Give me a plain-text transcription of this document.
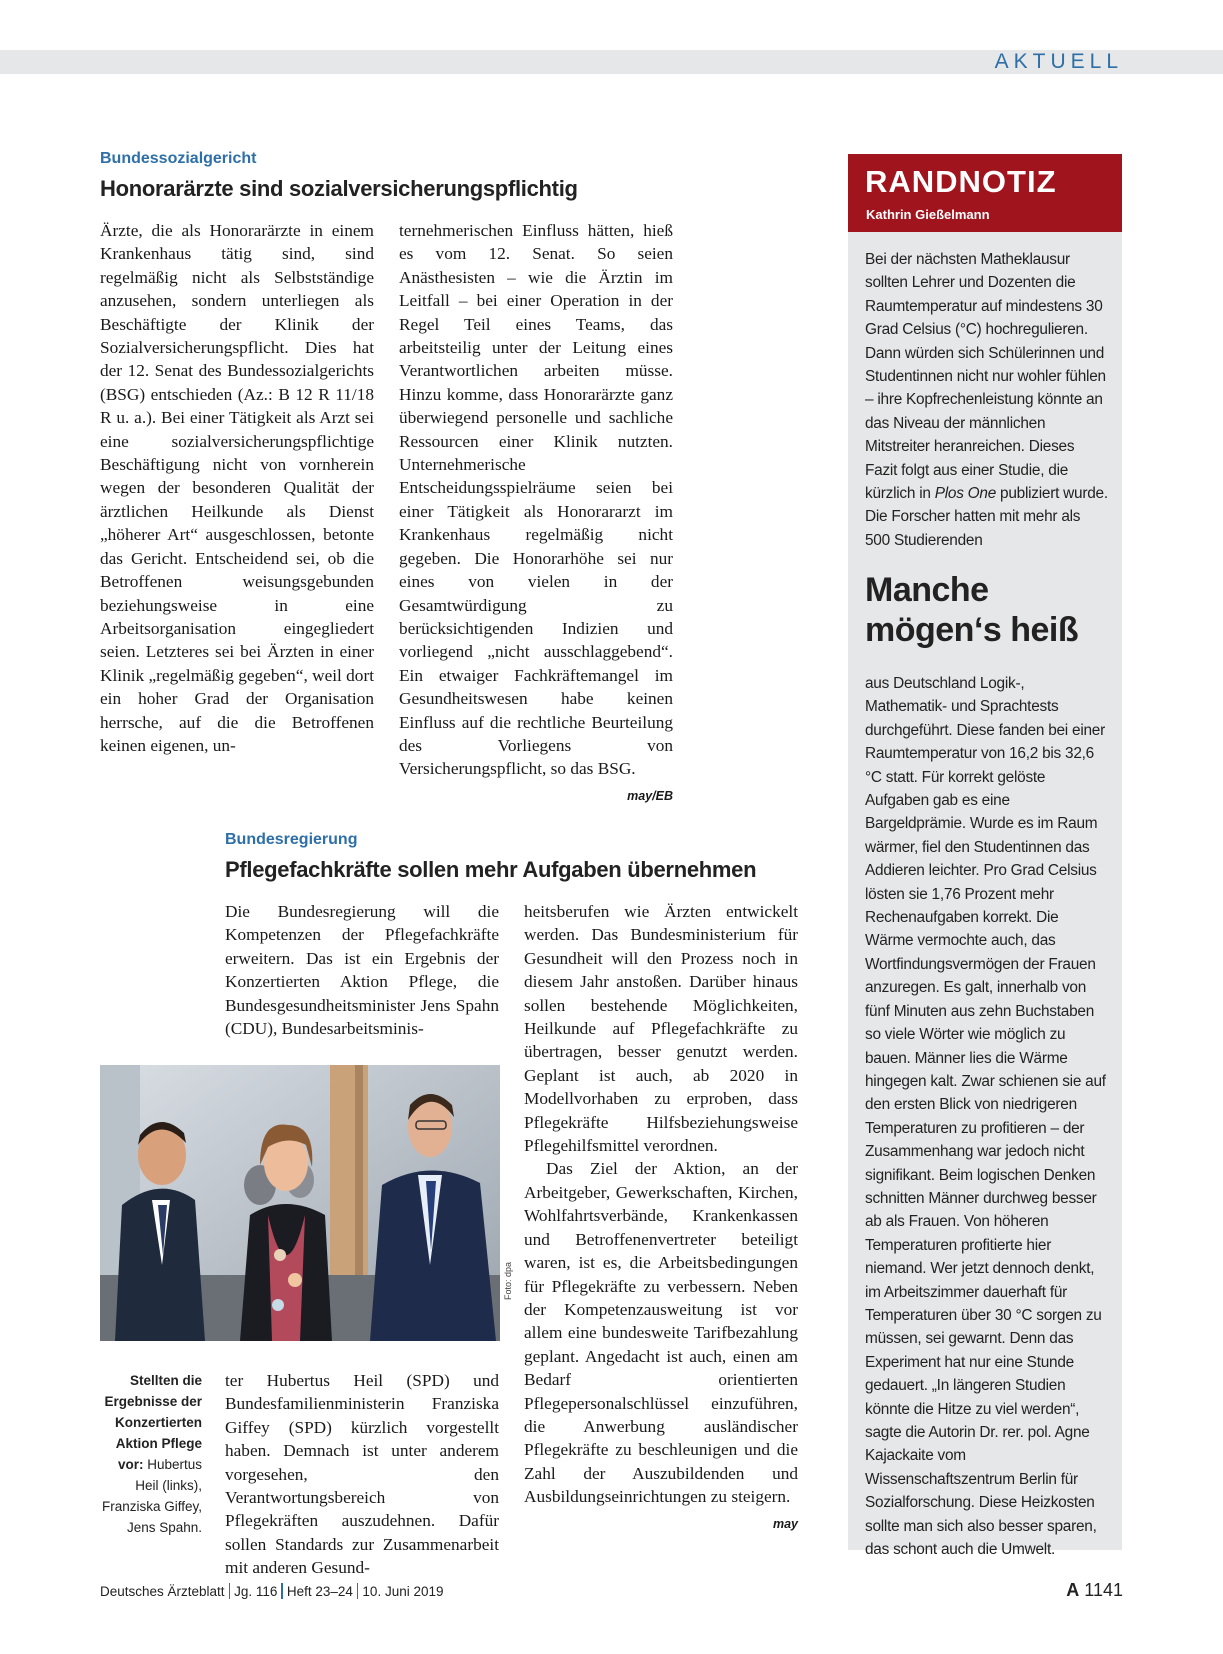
AKTUELL
Bundessozialgericht
Honorarärzte sind sozialversicherungspflichtig

Ärzte, die als Honorarärzte in einem Krankenhaus tätig sind, sind regelmäßig nicht als Selbstständige anzusehen, sondern unterliegen als Beschäftigte der Klinik der Sozialversicherungspflicht. Dies hat der 12. Senat des Bundessozialgerichts (BSG) entschieden (Az.: B 12 R 11/18 R u. a.). Bei einer Tätigkeit als Arzt sei eine sozialversicherungspflichtige Beschäftigung nicht von vornherein wegen der besonderen Qualität der ärztlichen Heilkunde als Dienst „höherer Art“ ausgeschlossen, betonte das Gericht. Entscheidend sei, ob die Betroffenen weisungsgebunden beziehungsweise in eine Arbeitsorganisation eingegliedert seien. Letzteres sei bei Ärzten in einer Klinik „regelmäßig gegeben“, weil dort ein hoher Grad der Organisation herrsche, auf die die Betroffenen keinen eigenen, un-

ternehmerischen Einfluss hätten, hieß es vom 12. Senat. So seien Anästhesisten – wie die Ärztin im Leitfall – bei einer Operation in der Regel Teil eines Teams, das arbeitsteilig unter der Leitung eines Verantwortlichen arbeiten müsse. Hinzu komme, dass Honorarärzte ganz überwiegend personelle und sachliche Ressourcen einer Klinik nutzten. Unternehmerische Entscheidungsspielräume seien bei einer Tätigkeit als Honorararzt im Krankenhaus regelmäßig nicht gegeben. Die Honorarhöhe sei nur eines von vielen in der Gesamtwürdigung zu berücksichtigenden Indizien und vorliegend „nicht ausschlaggebend“. Ein etwaiger Fachkräftemangel im Gesundheitswesen habe keinen Einfluss auf die rechtliche Beurteilung des Vorliegens von Versicherungspflicht, so das BSG.
may/EB

Bundesregierung
Pflegefachkräfte sollen mehr Aufgaben übernehmen

Die Bundesregierung will die Kompetenzen der Pflegefachkräfte erweitern. Das ist ein Ergebnis der Konzertierten Aktion Pflege, die Bundesgesundheitsminister Jens Spahn (CDU), Bundesarbeitsminis-

Foto: dpa
Stellten die Ergebnisse der Konzertierten Aktion Pflege vor: Hubertus Heil (links), Franziska Giffey, Jens Spahn.

ter Hubertus Heil (SPD) und Bundesfamilienministerin Franziska Giffey (SPD) kürzlich vorgestellt haben. Demnach ist unter anderem vorgesehen, den Verantwortungsbereich von Pflegekräften auszudehnen. Dafür sollen Standards zur Zusammenarbeit mit anderen Gesund-

heitsberufen wie Ärzten entwickelt werden. Das Bundesministerium für Gesundheit will den Prozess noch in diesem Jahr anstoßen. Darüber hinaus sollen bestehende Möglichkeiten, Heilkunde auf Pflegefachkräfte zu übertragen, besser genutzt werden. Geplant ist auch, ab 2020 in Modellvorhaben zu erproben, dass Pflegekräfte Hilfsbeziehungsweise Pflegehilfsmittel verordnen.

Das Ziel der Aktion, an der Arbeitgeber, Gewerkschaften, Kirchen, Wohlfahrtsverbände, Krankenkassen und Betroffenenvertreter beteiligt waren, ist es, die Arbeitsbedingungen für Pflegekräfte zu verbessern. Neben der Kompetenzausweitung ist vor allem eine bundesweite Tarifbezahlung geplant. Angedacht ist auch, einen am Bedarf orientierten Pflegepersonalschlüssel einzuführen, die Anwerbung ausländischer Pflegekräfte zu beschleunigen und die Zahl der Auszubildenden und Ausbildungseinrichtungen zu steigern.
may

RANDNOTIZ
Kathrin Gießelmann

Bei der nächsten Matheklausur sollten Lehrer und Dozenten die Raumtemperatur auf mindestens 30 Grad Celsius (°C) hochregulieren. Dann würden sich Schülerinnen und Studentinnen nicht nur wohler fühlen – ihre Kopfrechenleistung könnte an das Niveau der männlichen Mitstreiter heranreichen. Dieses Fazit folgt aus einer Studie, die kürzlich in Plos One publiziert wurde. Die Forscher hatten mit mehr als 500 Studierenden

Manche
mögen‘s heiß

aus Deutschland Logik-, Mathematik- und Sprachtests durchgeführt. Diese fanden bei einer Raumtemperatur von 16,2 bis 32,6 °C statt. Für korrekt gelöste Aufgaben gab es eine Bargeldprämie. Wurde es im Raum wärmer, fiel den Studentinnen das Addieren leichter. Pro Grad Celsius lösten sie 1,76 Prozent mehr Rechenaufgaben korrekt. Die Wärme vermochte auch, das Wortfindungsvermögen der Frauen anzuregen. Es galt, innerhalb von fünf Minuten aus zehn Buchstaben so viele Wörter wie möglich zu bauen. Männer lies die Wärme hingegen kalt. Zwar schienen sie auf den ersten Blick von niedrigeren Temperaturen zu profitieren – der Zusammenhang war jedoch nicht signifikant. Beim logischen Denken schnitten Männer durchweg besser ab als Frauen. Von höheren Temperaturen profitierte hier niemand. Wer jetzt dennoch denkt, im Arbeitszimmer dauerhaft für Temperaturen über 30 °C sorgen zu müssen, sei gewarnt. Denn das Experiment hat nur eine Stunde gedauert. „In längeren Studien könnte die Hitze zu viel werden“, sagte die Autorin Dr. rer. pol. Agne Kajackaite vom Wissenschaftszentrum Berlin für Sozialforschung. Diese Heizkosten sollte man sich also besser sparen, das schont auch die Umwelt.

Deutsches Ärzteblatt Jg. 116 Heft 23–24 10. Juni 2019	A 1141
